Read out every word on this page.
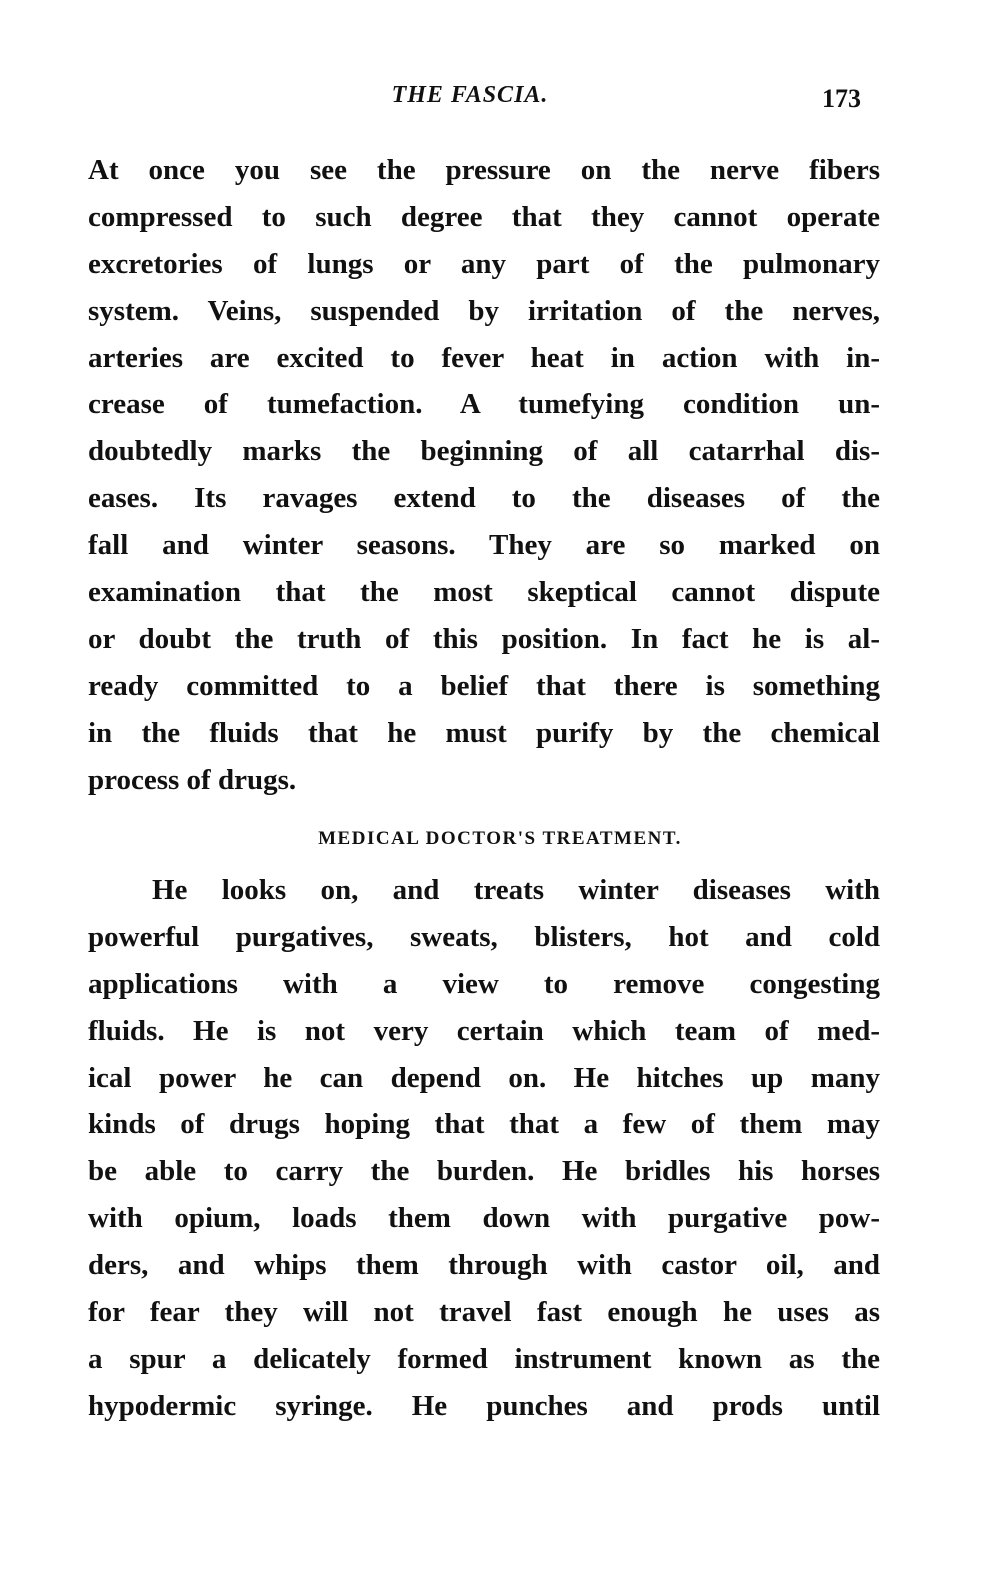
THE FASCIA.	173
At once you see the pressure on the nerve fibers
compressed to such degree that they cannot operate
excretories of lungs or any part of the pulmonary
system. Veins, suspended by irritation of the nerves,
arteries are excited to fever heat in action with in-
crease of tumefaction. A tumefying condition un-
doubtedly marks the beginning of all catarrhal dis-
eases. Its ravages extend to the diseases of the
fall and winter seasons. They are so marked on
examination that the most skeptical cannot dispute
or doubt the truth of this position. In fact he is al-
ready committed to a belief that there is something
in the fluids that he must purify by the chemical
process of drugs.
MEDICAL DOCTOR'S TREATMENT.
He looks on, and treats winter diseases with
powerful purgatives, sweats, blisters, hot and cold
applications with a view to remove congesting
fluids. He is not very certain which team of med-
ical power he can depend on. He hitches up many
kinds of drugs hoping that that a few of them may
be able to carry the burden. He bridles his horses
with opium, loads them down with purgative pow-
ders, and whips them through with castor oil, and
for fear they will not travel fast enough he uses as
a spur a delicately formed instrument known as the
hypodermic syringe. He punches and prods until
